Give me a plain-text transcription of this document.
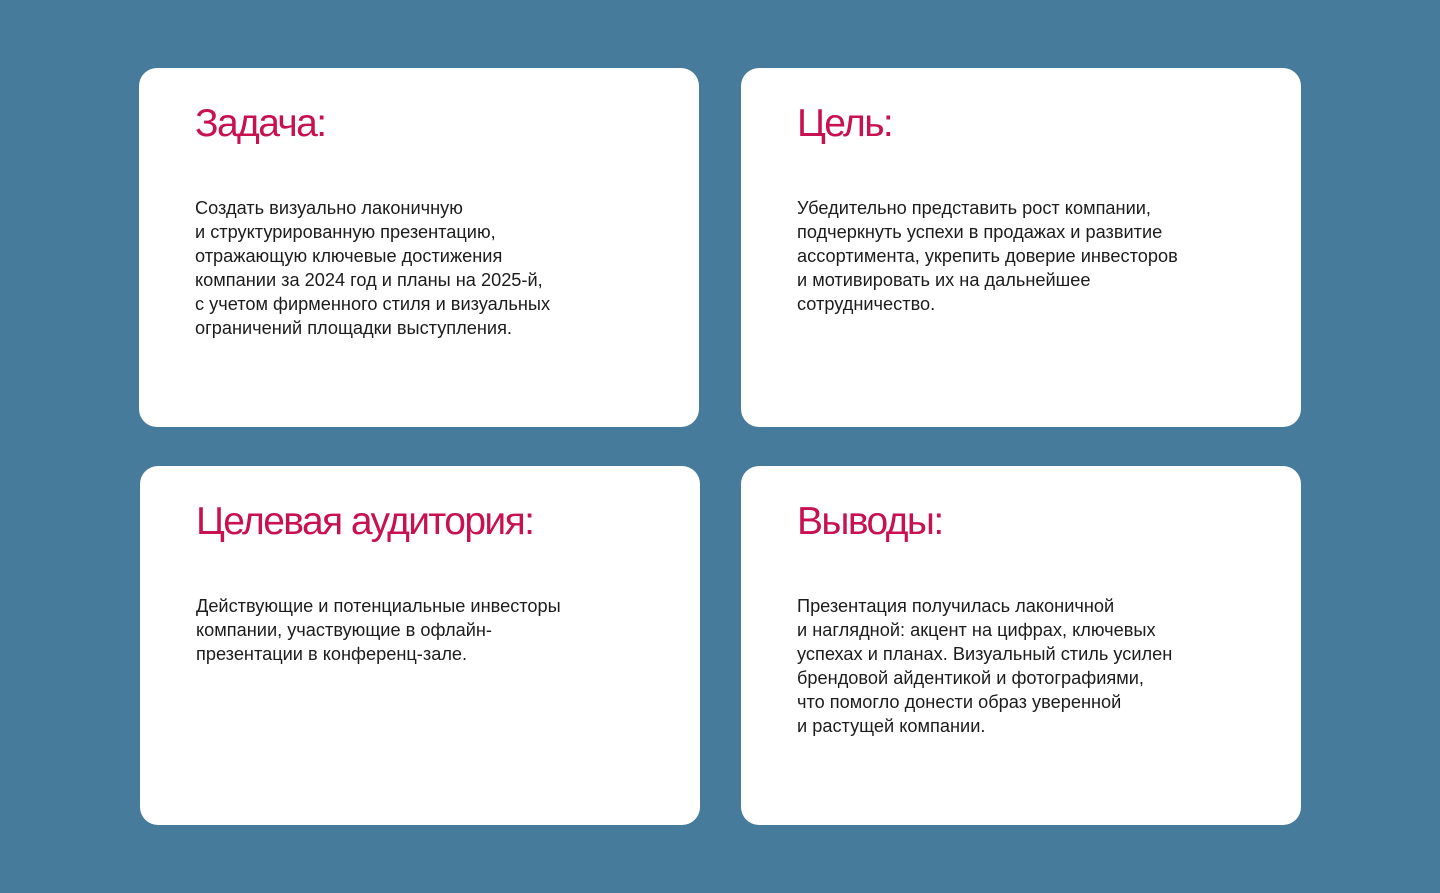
Задача:

Создать визуально лаконичную
и структурированную презентацию,
отражающую ключевые достижения
компании за 2024 год и планы на 2025-й,
с учетом фирменного стиля и визуальных
ограничений площадки выступления.

Цель:

Убедительно представить рост компании,
подчеркнуть успехи в продажах и развитие
ассортимента, укрепить доверие инвесторов
и мотивировать их на дальнейшее
сотрудничество.

Целевая аудитория:

Действующие и потенциальные инвесторы
компании, участвующие в офлайн-
презентации в конференц-зале.

Выводы:

Презентация получилась лаконичной
и наглядной: акцент на цифрах, ключевых
успехах и планах. Визуальный стиль усилен
брендовой айдентикой и фотографиями,
что помогло донести образ уверенной
и растущей компании.
